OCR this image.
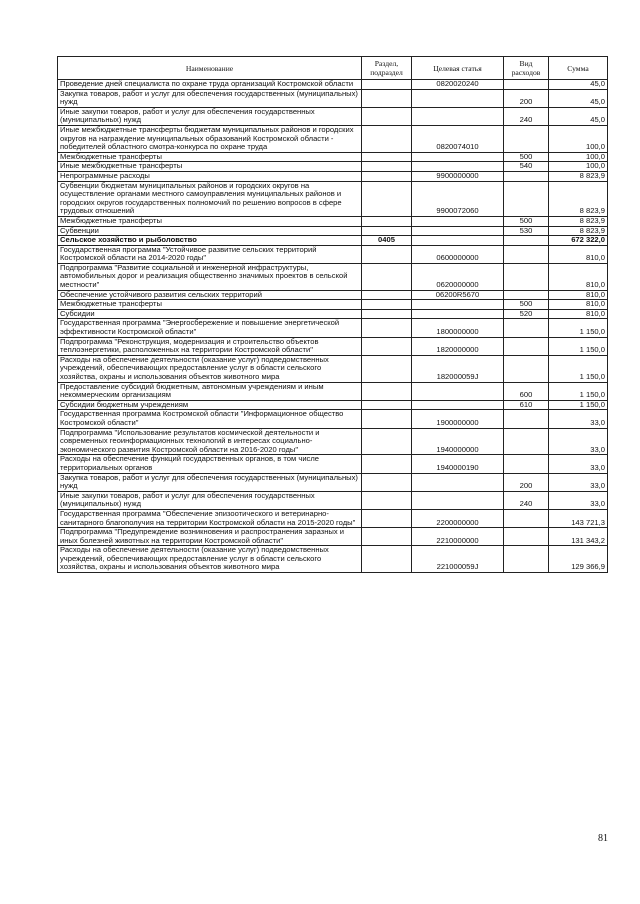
Наименование	Раздел, подраздел	Целевая статья	Вид расходов	Сумма
Проведение дней специалиста по охране труда организаций Костромской области		0820020240		45,0
Закупка товаров, работ и услуг для обеспечения государственных (муниципальных) нужд			200	45,0
Иные закупки товаров, работ и услуг для обеспечения государственных (муниципальных) нужд			240	45,0
Иные межбюджетные трансферты бюджетам муниципальных районов и городских округов на награждение муниципальных образований Костромской области - победителей областного смотра-конкурса по охране труда		0820074010		100,0
Межбюджетные трансферты			500	100,0
Иные межбюджетные трансферты			540	100,0
Непрограммные расходы		9900000000		8 823,9
Субвенции бюджетам муниципальных районов и городских округов на осуществление органами местного самоуправления муниципальных районов и городских округов государственных полномочий по решению вопросов в сфере трудовых отношений		9900072060		8 823,9
Межбюджетные трансферты			500	8 823,9
Субвенции			530	8 823,9
Сельское хозяйство и рыболовство	0405			672 322,0
Государственная программа "Устойчивое развитие сельских территорий Костромской области на 2014-2020 годы"		0600000000		810,0
Подпрограмма "Развитие социальной и инженерной инфраструктуры, автомобильных дорог и реализация общественно значимых проектов в сельской местности"		0620000000		810,0
Обеспечение устойчивого развития сельских территорий		06200R5670		810,0
Межбюджетные трансферты			500	810,0
Субсидии			520	810,0
Государственная программа "Энергосбережение и повышение энергетической эффективности Костромской области"		1800000000		1 150,0
Подпрограмма "Реконструкция, модернизация и строительство объектов теплоэнергетики, расположенных на территории Костромской области"		1820000000		1 150,0
Расходы на обеспечение деятельности (оказание услуг) подведомственных учреждений, обеспечивающих предоставление услуг в области сельского хозяйства, охраны и использования объектов животного мира		182000059J		1 150,0
Предоставление субсидий бюджетным, автономным учреждениям и иным некоммерческим организациям			600	1 150,0
Субсидии бюджетным учреждениям			610	1 150,0
Государственная программа Костромской области "Информационное общество Костромской области"		1900000000		33,0
Подпрограмма "Использование результатов космической деятельности и современных геоинформационных технологий в интересах социально-экономического развития Костромской области на 2016-2020 годы"		1940000000		33,0
Расходы на обеспечение функций государственных органов, в том числе территориальных органов		1940000190		33,0
Закупка товаров, работ и услуг для обеспечения государственных (муниципальных) нужд			200	33,0
Иные закупки товаров, работ и услуг для обеспечения государственных (муниципальных) нужд			240	33,0
Государственная программа "Обеспечение эпизоотического и ветеринарно-санитарного благополучия на территории Костромской области на 2015-2020 годы"		2200000000		143 721,3
Подпрограмма "Предупреждение возникновения и распространения заразных и иных болезней животных на территории Костромской области"		2210000000		131 343,2
Расходы на обеспечение деятельности (оказание услуг) подведомственных учреждений, обеспечивающих предоставление услуг в области сельского хозяйства, охраны и использования объектов животного мира		221000059J		129 366,9
81
